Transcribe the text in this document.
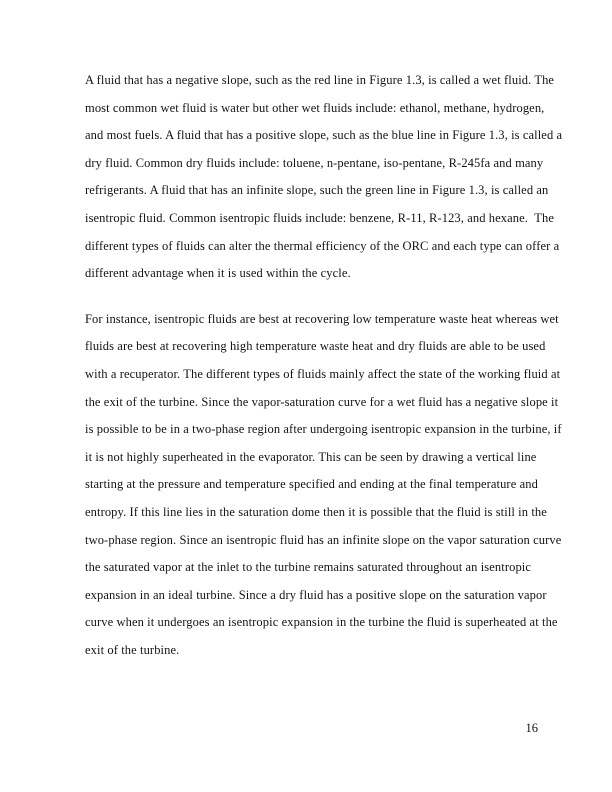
A fluid that has a negative slope, such as the red line in Figure 1.3, is called a wet fluid. The
most common wet fluid is water but other wet fluids include: ethanol, methane, hydrogen,
and most fuels. A fluid that has a positive slope, such as the blue line in Figure 1.3, is called a
dry fluid. Common dry fluids include: toluene, n-pentane, iso-pentane, R-245fa and many
refrigerants. A fluid that has an infinite slope, such the green line in Figure 1.3, is called an
isentropic fluid. Common isentropic fluids include: benzene, R-11, R-123, and hexane.  The
different types of fluids can alter the thermal efficiency of the ORC and each type can offer a
different advantage when it is used within the cycle.
For instance, isentropic fluids are best at recovering low temperature waste heat whereas wet
fluids are best at recovering high temperature waste heat and dry fluids are able to be used
with a recuperator. The different types of fluids mainly affect the state of the working fluid at
the exit of the turbine. Since the vapor-saturation curve for a wet fluid has a negative slope it
is possible to be in a two-phase region after undergoing isentropic expansion in the turbine, if
it is not highly superheated in the evaporator. This can be seen by drawing a vertical line
starting at the pressure and temperature specified and ending at the final temperature and
entropy. If this line lies in the saturation dome then it is possible that the fluid is still in the
two-phase region. Since an isentropic fluid has an infinite slope on the vapor saturation curve
the saturated vapor at the inlet to the turbine remains saturated throughout an isentropic
expansion in an ideal turbine. Since a dry fluid has a positive slope on the saturation vapor
curve when it undergoes an isentropic expansion in the turbine the fluid is superheated at the
exit of the turbine.
16
